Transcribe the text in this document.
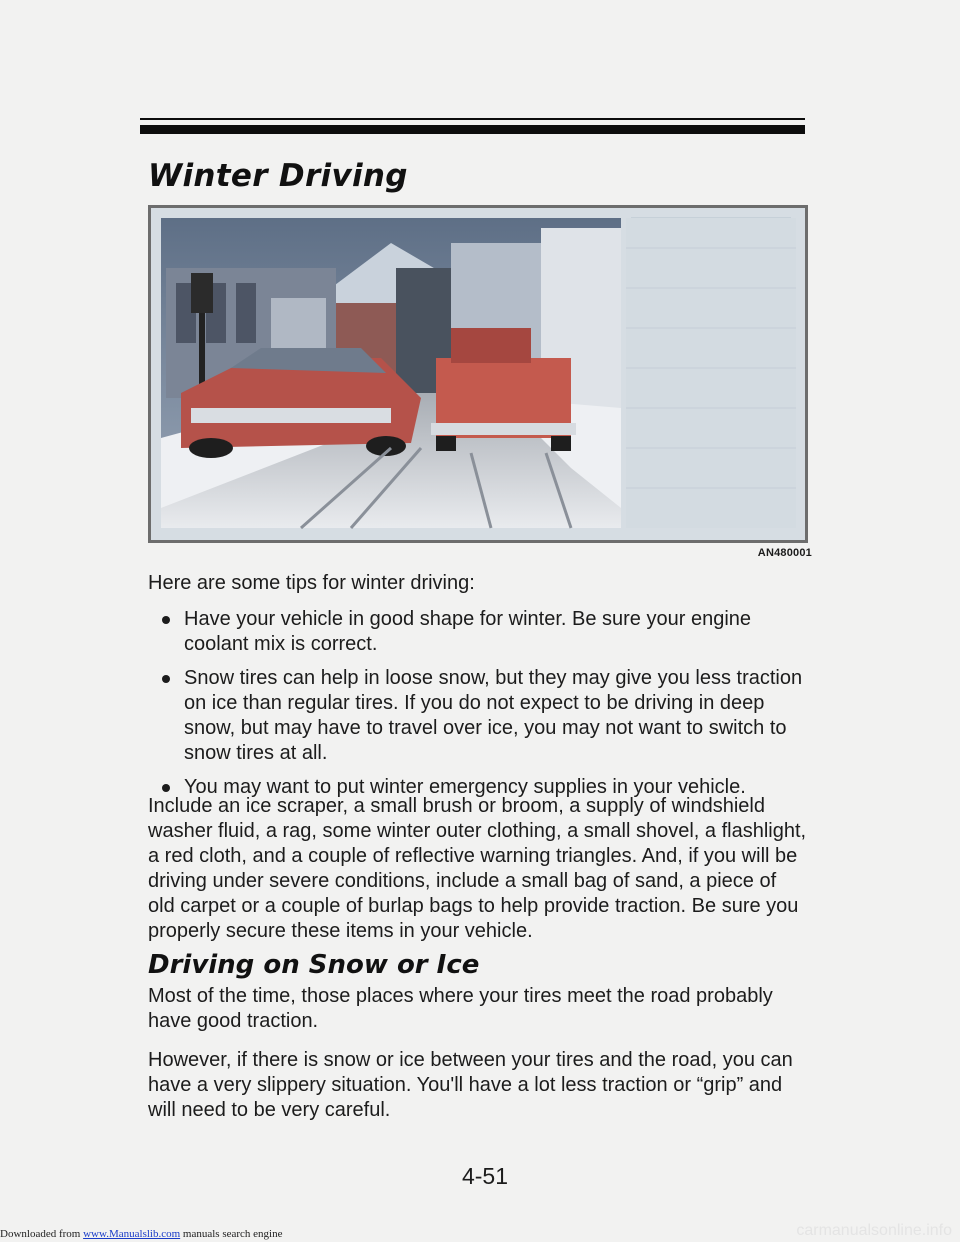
Winter Driving
AN480001

Here are some tips for winter driving:

Have your vehicle in good shape for winter. Be sure your engine coolant mix is correct.
Snow tires can help in loose snow, but they may give you less traction on ice than regular tires. If you do not expect to be driving in deep snow, but may have to travel over ice, you may not want to switch to snow tires at all.
You may want to put winter emergency supplies in your vehicle.

Include an ice scraper, a small brush or broom, a supply of windshield washer fluid, a rag, some winter outer clothing, a small shovel, a flashlight, a red cloth, and a couple of reflective warning triangles. And, if you will be driving under severe conditions, include a small bag of sand, a piece of old carpet or a couple of burlap bags to help provide traction. Be sure you properly secure these items in your vehicle.

Driving on Snow or Ice

Most of the time, those places where your tires meet the road probably have good traction.

However, if there is snow or ice between your tires and the road, you can have a very slippery situation. You'll have a lot less traction or “grip” and will need to be very careful.

4-51
Downloaded from www.Manualslib.com manuals search engine	carmanualsonline.info
